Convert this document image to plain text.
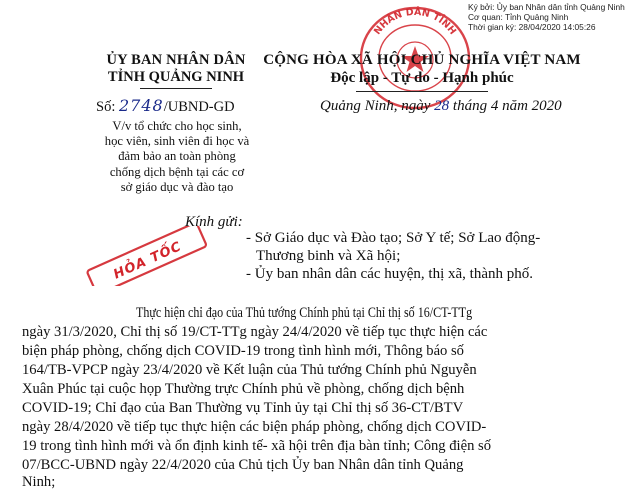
NHÂN DÂN TỈNH
Ký bởi: Ủy ban Nhân dân tỉnh Quảng Ninh
Cơ quan: Tỉnh Quảng Ninh
Thời gian ký: 28/04/2020 14:05:26
ỦY BAN NHÂN DÂN
TỈNH QUẢNG NINH
CỘNG HÒA XÃ HỘI CHỦ NGHĨA VIỆT NAM
Độc lập - Tự do - Hạnh phúc
Số: 2748/UBND-GD	Quảng Ninh, ngày 28 tháng 4 năm 2020
V/v tổ chức cho học sinh,
học viên, sinh viên đi học và
đảm bảo an toàn phòng
chống dịch bệnh tại các cơ
sở giáo dục và đào tạo
HỎA TỐC
Kính gửi:
- Sở Giáo dục và Đào tạo; Sở Y tế; Sở Lao động-
Thương binh và Xã hội;
- Ủy ban nhân dân các huyện, thị xã, thành phố.
Thực hiện chỉ đạo của Thủ tướng Chính phủ tại Chỉ thị số 16/CT-TTg
ngày 31/3/2020, Chỉ thị số 19/CT-TTg ngày 24/4/2020 về tiếp tục thực hiện các
biện pháp phòng, chống dịch COVID-19 trong tình hình mới, Thông báo số
164/TB-VPCP ngày 23/4/2020 về Kết luận của Thủ tướng Chính phủ Nguyễn
Xuân Phúc tại cuộc họp Thường trực Chính phủ về phòng, chống dịch bệnh
COVID-19; Chỉ đạo của Ban Thường vụ Tỉnh ủy tại Chỉ thị số 36-CT/BTV
ngày 28/4/2020 về tiếp tục thực hiện các biện pháp phòng, chống dịch COVID-
19 trong tình hình mới và ổn định kinh tế- xã hội trên địa bàn tỉnh; Công điện số
07/BCC-UBND ngày 22/4/2020 của Chủ tịch Ủy ban Nhân dân tỉnh Quảng
Ninh;
